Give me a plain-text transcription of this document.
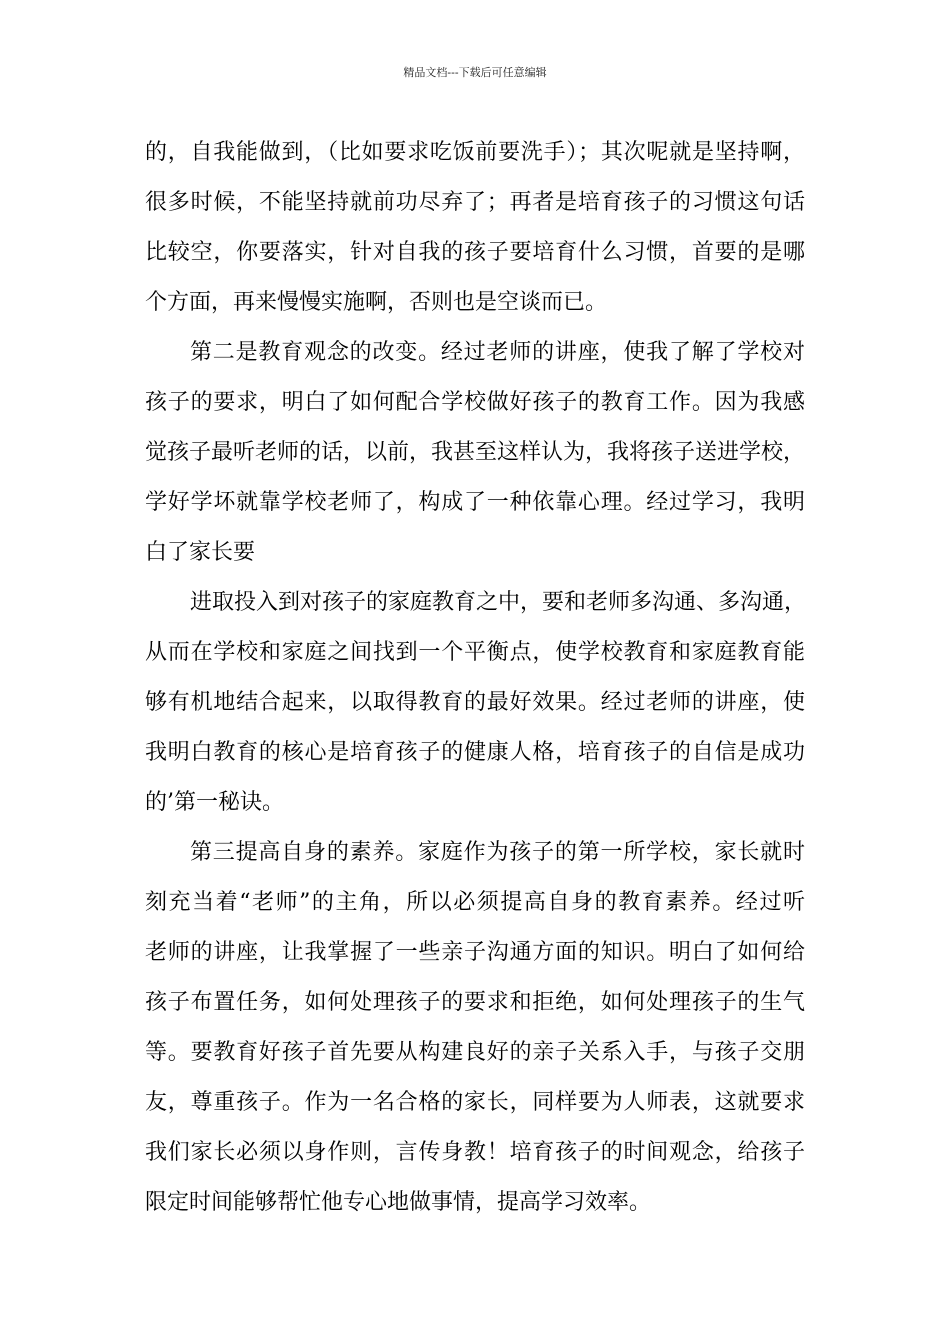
精品文档---下载后可任意编辑
的，自我能做到，（比如要求吃饭前要洗手）；其次呢就是坚持啊，
很多时候，不能坚持就前功尽弃了；再者是培育孩子的习惯这句话
比较空，你要落实，针对自我的孩子要培育什么习惯，首要的是哪
个方面，再来慢慢实施啊，否则也是空谈而已。
第二是教育观念的改变。经过老师的讲座，使我了解了学校对
孩子的要求，明白了如何配合学校做好孩子的教育工作。因为我感
觉孩子最听老师的话，以前，我甚至这样认为，我将孩子送进学校，
学好学坏就靠学校老师了，构成了一种依靠心理。经过学习，我明
白了家长要
进取投入到对孩子的家庭教育之中，要和老师多沟通、多沟通，
从而在学校和家庭之间找到一个平衡点，使学校教育和家庭教育能
够有机地结合起来，以取得教育的最好效果。经过老师的讲座，使
我明白教育的核心是培育孩子的健康人格，培育孩子的自信是成功
的’第一秘诀。
第三提高自身的素养。家庭作为孩子的第一所学校，家长就时
刻充当着“老师”的主角，所以必须提高自身的教育素养。经过听
老师的讲座，让我掌握了一些亲子沟通方面的知识。明白了如何给
孩子布置任务，如何处理孩子的要求和拒绝，如何处理孩子的生气
等。要教育好孩子首先要从构建良好的亲子关系入手，与孩子交朋
友，尊重孩子。作为一名合格的家长，同样要为人师表，这就要求
我们家长必须以身作则，言传身教！培育孩子的时间观念，给孩子
限定时间能够帮忙他专心地做事情，提高学习效率。
